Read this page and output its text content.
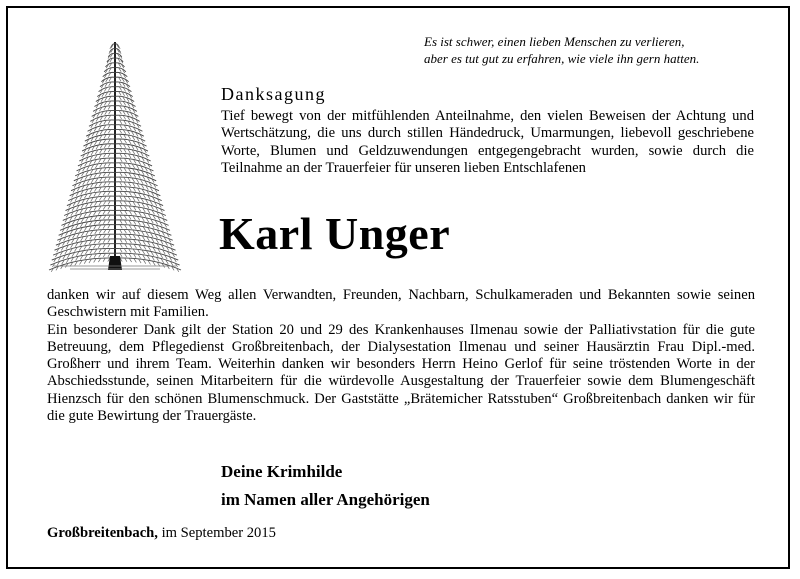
Es ist schwer, einen lieben Menschen zu verlieren,
aber es tut gut zu erfahren, wie viele ihn gern hatten.
Danksagung
Tief bewegt von der mitfühlenden Anteilnahme, den vielen Beweisen der Achtung und Wertschätzung, die uns durch stillen Händedruck, Umarmungen, liebevoll geschriebene Worte, Blumen und Geldzuwendungen entgegengebracht wurden, sowie durch die Teilnahme an der Trauerfeier für unseren lieben Entschlafenen
Karl Unger

danken wir auf diesem Weg allen Verwandten, Freunden, Nachbarn, Schulkameraden und Bekannten sowie seinen Geschwistern mit Familien.

Ein besonderer Dank gilt der Station 20 und 29 des Krankenhauses Ilmenau sowie der Palliativstation für die gute Betreuung, dem Pflegedienst Großbreitenbach, der Dialysestation Ilmenau und seiner Hausärztin Frau Dipl.-med. Großherr und ihrem Team. Weiterhin danken wir besonders Herrn Heino Gerlof für seine tröstenden Worte in der Abschiedsstunde, seinen Mitarbeitern für die würdevolle Ausgestaltung der Trauerfeier sowie dem Blumengeschäft Hienzsch für den schönen Blumenschmuck. Der Gaststätte „Brätemicher Ratsstuben“ Großbreitenbach danken wir für die gute Bewirtung der Trauergäste.

Deine Krimhilde
im Namen aller Angehörigen
Großbreitenbach, im September 2015
